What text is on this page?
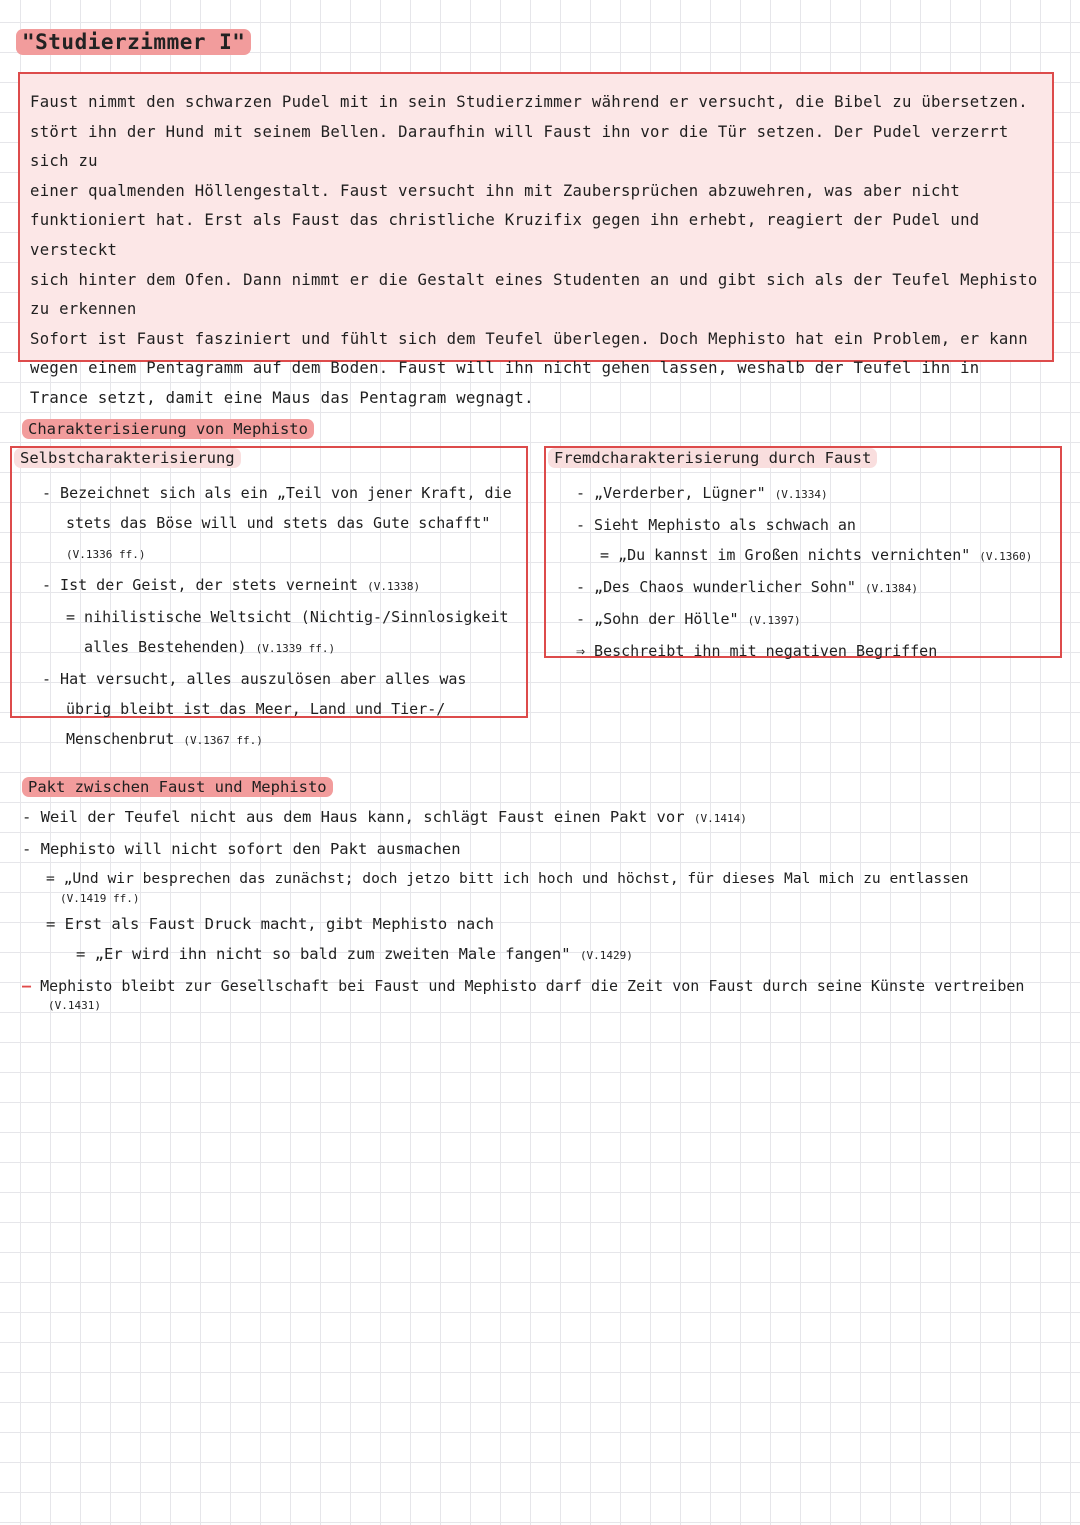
"Studierzimmer I"

Faust nimmt den schwarzen Pudel mit in sein Studierzimmer während er versucht, die Bibel zu übersetzen.

stört ihn der Hund mit seinem Bellen. Daraufhin will Faust ihn vor die Tür setzen. Der Pudel verzerrt sich zu

einer qualmenden Höllengestalt. Faust versucht ihn mit Zaubersprüchen abzuwehren, was aber nicht

funktioniert hat. Erst als Faust das christliche Kruzifix gegen ihn erhebt, reagiert der Pudel und versteckt

sich hinter dem Ofen. Dann nimmt er die Gestalt eines Studenten an und gibt sich als der Teufel Mephisto

zu erkennen

Sofort ist Faust fasziniert und fühlt sich dem Teufel überlegen. Doch Mephisto hat ein Problem, er kann

wegen einem Pentagramm auf dem Boden. Faust will ihn nicht gehen lassen, weshalb der Teufel ihn in

Trance setzt, damit eine Maus das Pentagram wegnagt.

Charakterisierung von Mephisto
Selbstcharakterisierung
- Bezeichnet sich als ein „Teil von jener Kraft, die
stets das Böse will und stets das Gute schafft" (V.1336 ff.)
- Ist der Geist, der stets verneint (V.1338)
= nihilistische Weltsicht (Nichtig-/Sinnlosigkeit
alles Bestehenden) (V.1339 ff.)
- Hat versucht, alles auszulösen aber alles was
übrig bleibt ist das Meer, Land und Tier-/
Menschenbrut (V.1367 ff.)
Fremdcharakterisierung durch Faust
- „Verderber, Lügner" (V.1334)
- Sieht Mephisto als schwach an
= „Du kannst im Großen nichts vernichten" (V.1360)
- „Des Chaos wunderlicher Sohn" (V.1384)
- „Sohn der Hölle" (V.1397)
⇒ Beschreibt ihn mit negativen Begriffen
Pakt zwischen Faust und Mephisto
- Weil der Teufel nicht aus dem Haus kann, schlägt Faust einen Pakt vor (V.1414)
- Mephisto will nicht sofort den Pakt ausmachen
= „Und wir besprechen das zunächst; doch jetzo bitt ich hoch und höchst, für dieses Mal mich zu entlassen
(V.1419 ff.)
= Erst als Faust Druck macht, gibt Mephisto nach
= „Er wird ihn nicht so bald zum zweiten Male fangen" (V.1429)
– Mephisto bleibt zur Gesellschaft bei Faust und Mephisto darf die Zeit von Faust durch seine Künste vertreiben
(V.1431)
